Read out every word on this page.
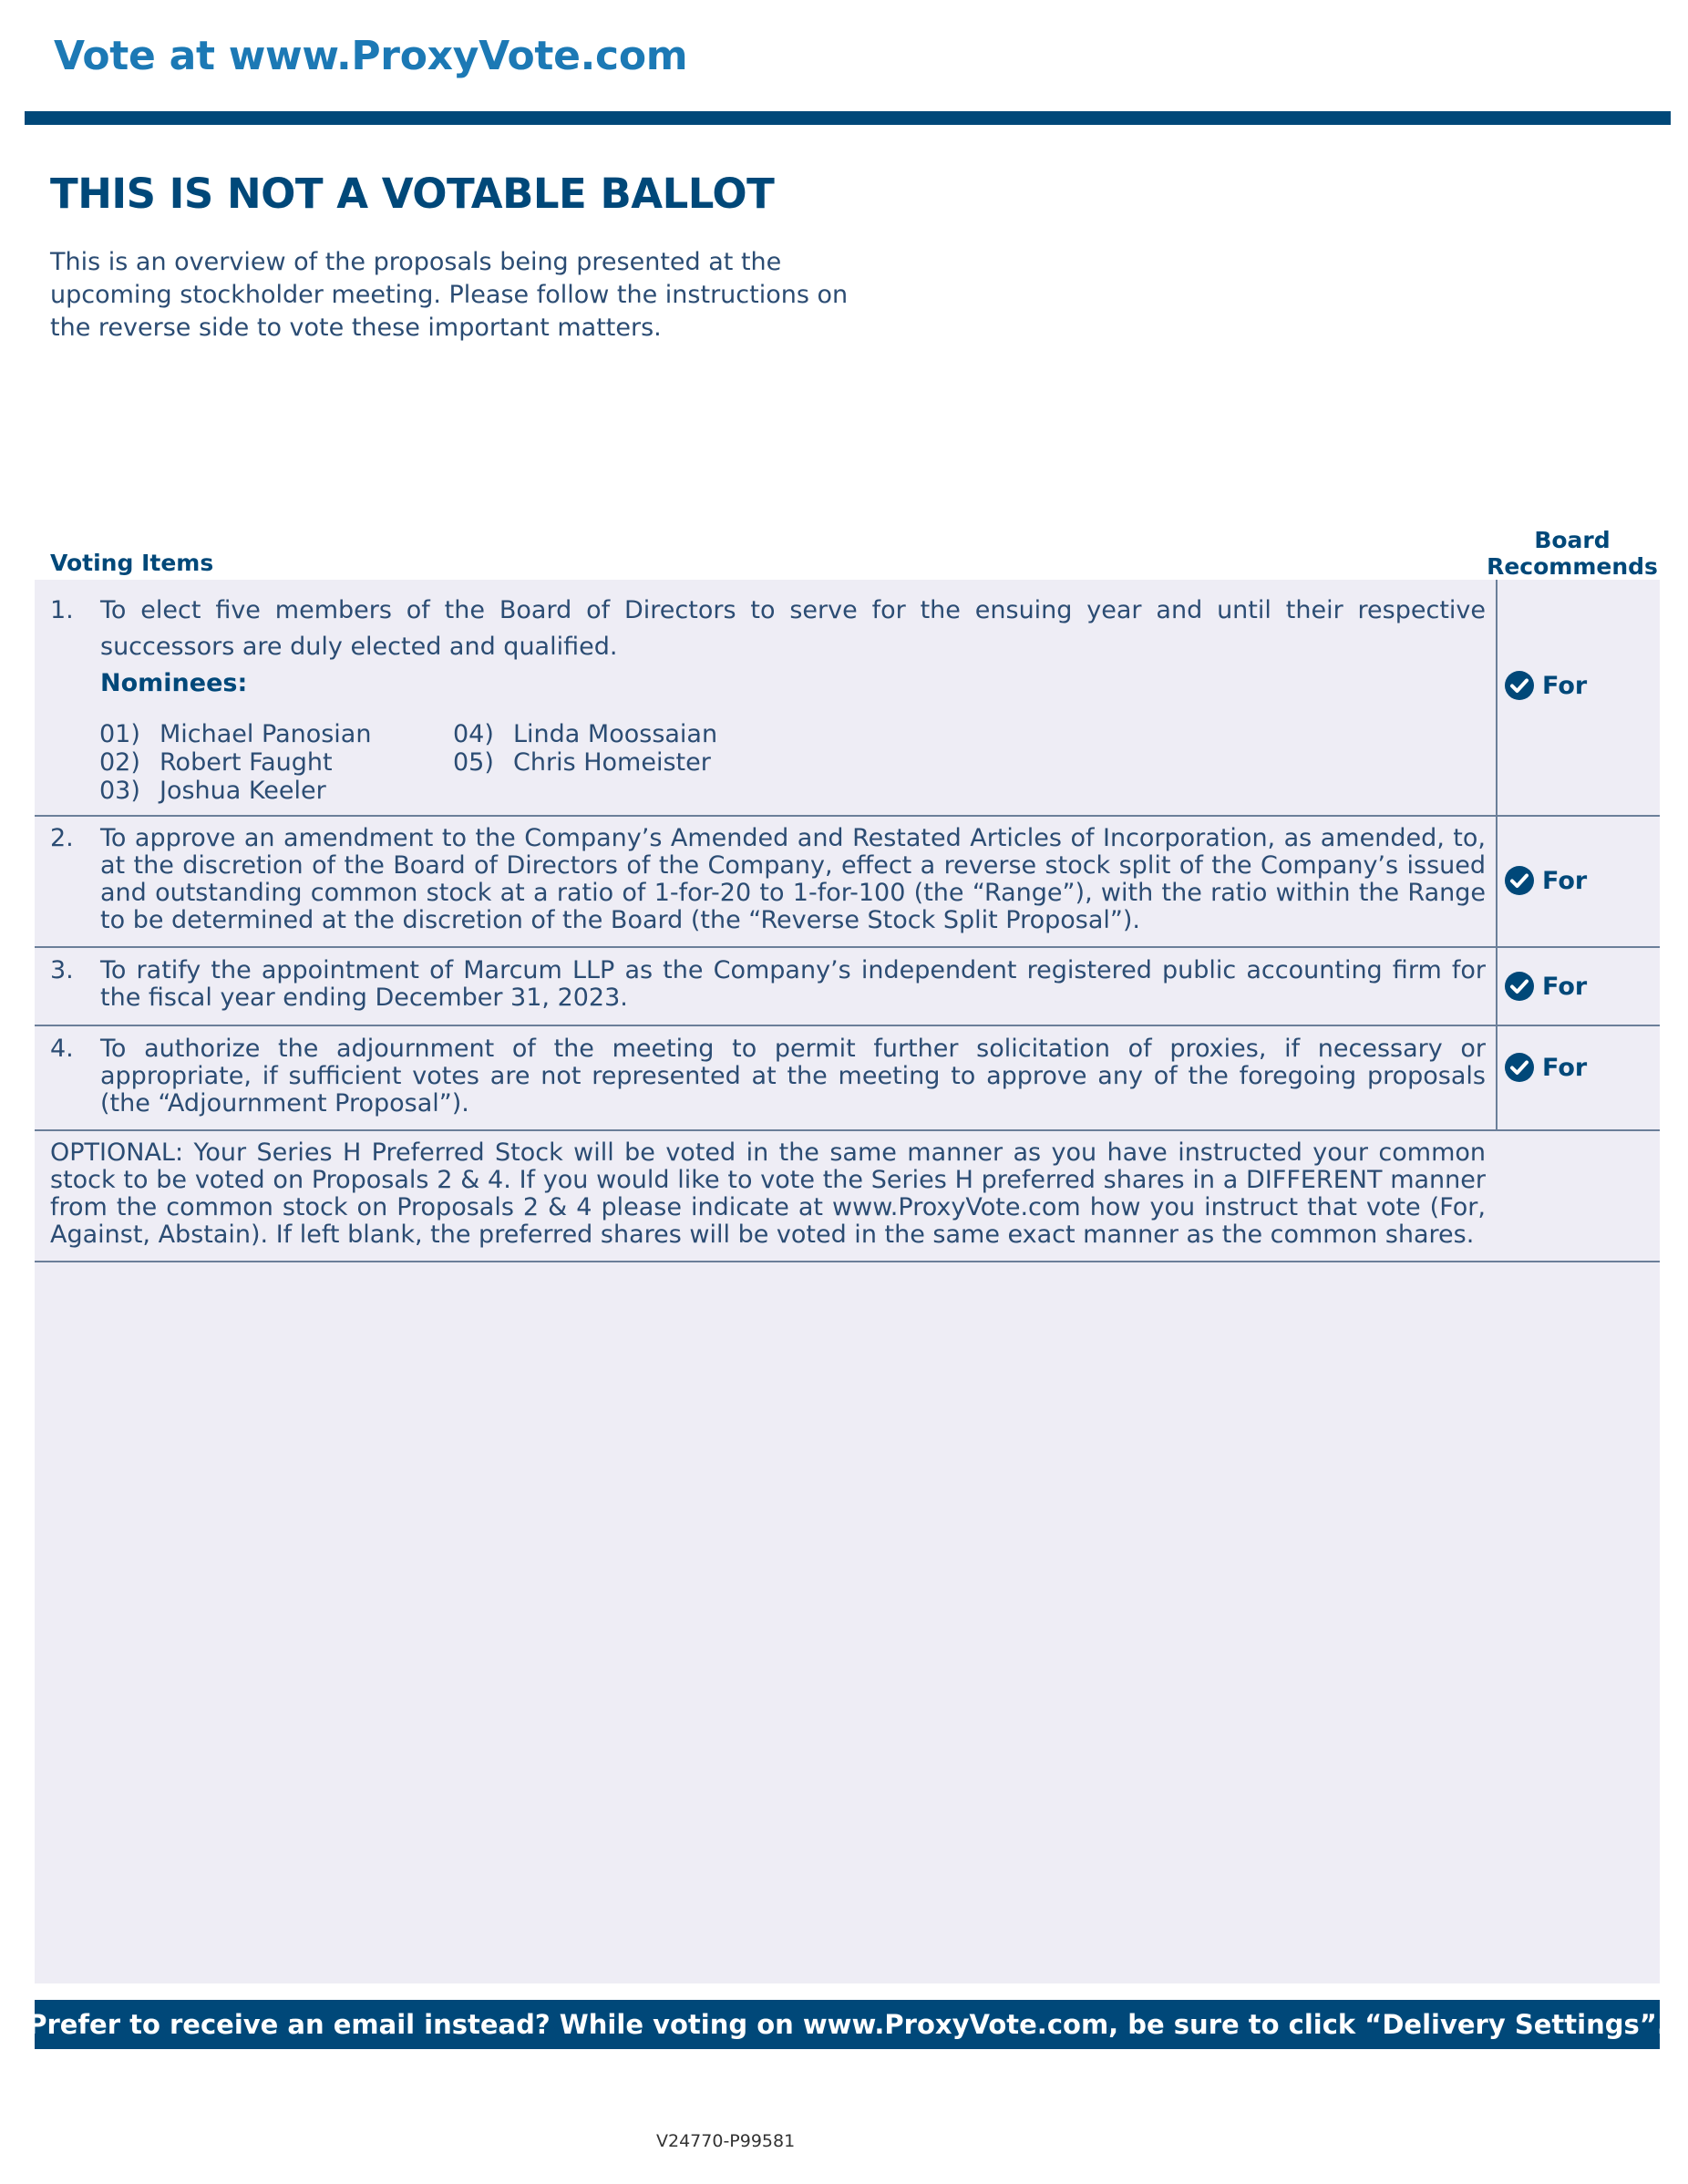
Vote at www.ProxyVote.com
THIS IS NOT A VOTABLE BALLOT
This is an overview of the proposals being presented at the upcoming stockholder meeting. Please follow the instructions on the reverse side to vote these important matters.
Voting Items
Board
Recommends
1. To elect five members of the Board of Directors to serve for the ensuing year and until their respective successors are duly elected and qualified.
Nominees:
01) Michael Panosian
02) Robert Faught
03) Joshua Keeler
04) Linda Moossaian
05) Chris Homeister
For
2. To approve an amendment to the Company’s Amended and Restated Articles of Incorporation, as amended, to, at the discretion of the Board of Directors of the Company, effect a reverse stock split of the Company’s issued and outstanding common stock at a ratio of 1-for-20 to 1-for-100 (the “Range”), with the ratio within the Range to be determined at the discretion of the Board (the “Reverse Stock Split Proposal”).
For
3. To ratify the appointment of Marcum LLP as the Company’s independent registered public accounting firm for the fiscal year ending December 31, 2023.	For
4. To authorize the adjournment of the meeting to permit further solicitation of proxies, if necessary or appropriate, if sufficient votes are not represented at the meeting to approve any of the foregoing proposals (the “Adjournment Proposal”).
For
OPTIONAL: Your Series H Preferred Stock will be voted in the same manner as you have instructed your common stock to be voted on Proposals 2 & 4. If you would like to vote the Series H preferred shares in a DIFFERENT manner from the common stock on Proposals 2 & 4 please indicate at www.ProxyVote.com how you instruct that vote (For, Against, Abstain). If left blank, the preferred shares will be voted in the same exact manner as the common shares.
Prefer to receive an email instead? While voting on www.ProxyVote.com, be sure to click “Delivery Settings”.
V24770-P99581
